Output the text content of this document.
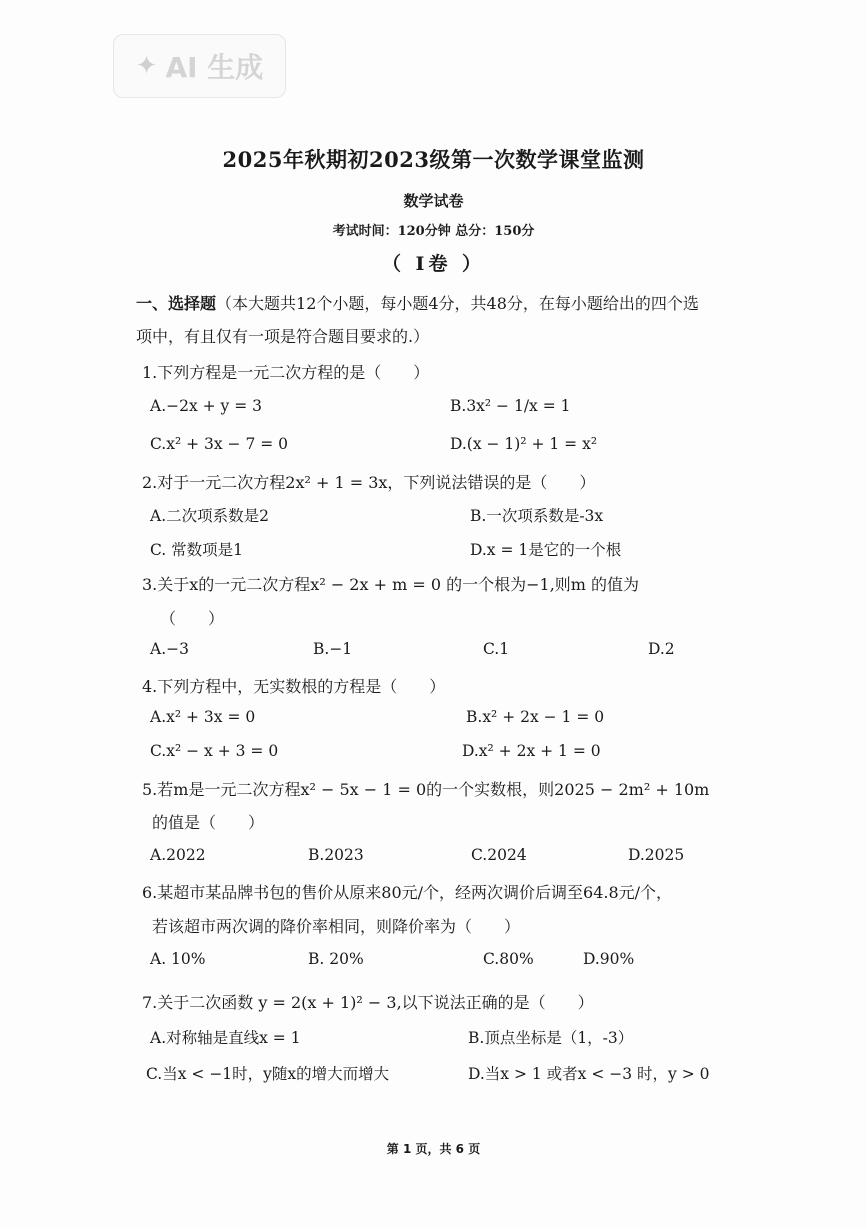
✦ AI 生成
2025年秋期初2023级第一次数学课堂监测
数学试卷
考试时间：120分钟 总分：150分
（ Ⅰ卷 ）
一、选择题（本大题共12个小题，每小题4分，共48分，在每小题给出的四个选
项中，有且仅有一项是符合题目要求的.）
1.下列方程是一元二次方程的是（　　）
A.−2x + y = 3	B.3x² − 1/x = 1
C.x² + 3x − 7 = 0	D.(x − 1)² + 1 = x²
2.对于一元二次方程2x² + 1 = 3x，下列说法错误的是（　　）
A.二次项系数是2	B.一次项系数是-3x
C. 常数项是1	D.x = 1是它的一个根
3.关于x的一元二次方程x² − 2x + m = 0 的一个根为−1,则m 的值为
（　　）
A.−3	B.−1	C.1	D.2
4.下列方程中，无实数根的方程是（　　）
A.x² + 3x = 0	B.x² + 2x − 1 = 0
C.x² − x + 3 = 0	D.x² + 2x + 1 = 0
5.若m是一元二次方程x² − 5x − 1 = 0的一个实数根，则2025 − 2m² + 10m
的值是（　　）
A.2022	B.2023	C.2024	D.2025
6.某超市某品牌书包的售价从原来80元/个，经两次调价后调至64.8元/个，
若该超市两次调的降价率相同，则降价率为（　　）
A. 10%	B. 20%	C.80%	D.90%
7.关于二次函数 y = 2(x + 1)² − 3,以下说法正确的是（　　）
A.对称轴是直线x = 1	B.顶点坐标是（1，-3）
C.当x < −1时，y随x的增大而增大	D.当x > 1 或者x < −3 时，y > 0
第 1 页，共 6 页
